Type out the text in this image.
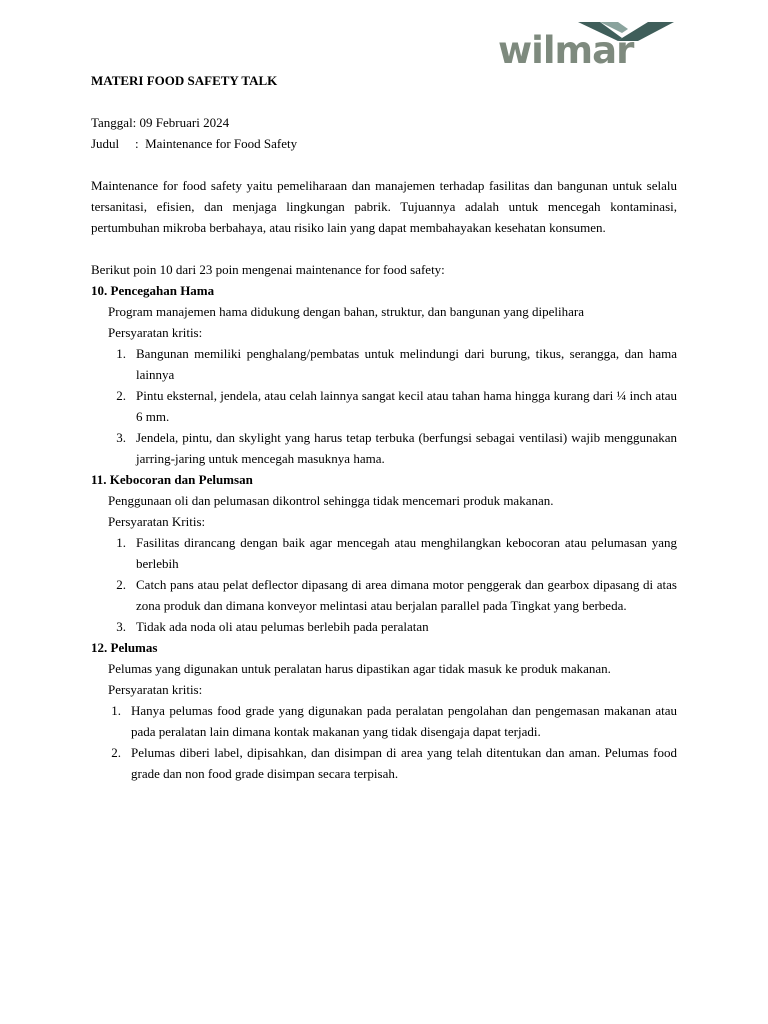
wilmar
MATERI FOOD SAFETY TALK
Tanggal: 09 Februari 2024
Judul	:
Maintenance for Food Safety

Maintenance for food safety yaitu pemeliharaan dan manajemen terhadap fasilitas dan bangunan untuk selalu tersanitasi, efisien, dan menjaga lingkungan pabrik. Tujuannya adalah untuk mencegah kontaminasi, pertumbuhan mikroba berbahaya, atau risiko lain yang dapat membahayakan kesehatan konsumen.

Berikut poin 10 dari 23 poin mengenai maintenance for food safety:
10. Pencegahan Hama
Program manajemen hama didukung dengan bahan, struktur, dan bangunan yang dipelihara
Persyaratan kritis:
1. Bangunan memiliki penghalang/pembatas untuk melindungi dari burung, tikus, serangga, dan hama lainnya
2. Pintu eksternal, jendela, atau celah lainnya sangat kecil atau tahan hama hingga kurang dari ¼ inch atau 6 mm.
3. Jendela, pintu, dan skylight yang harus tetap terbuka (berfungsi sebagai ventilasi) wajib menggunakan jarring-jaring untuk mencegah masuknya hama.
11. Kebocoran dan Pelumsan
Penggunaan oli dan pelumasan dikontrol sehingga tidak mencemari produk makanan.
Persyaratan Kritis:
1. Fasilitas dirancang dengan baik agar mencegah atau menghilangkan kebocoran atau pelumasan yang berlebih
2. Catch pans atau pelat deflector dipasang di area dimana motor penggerak dan gearbox dipasang di atas zona produk dan dimana konveyor melintasi atau berjalan parallel pada Tingkat yang berbeda.
3. Tidak ada noda oli atau pelumas berlebih pada peralatan
12. Pelumas
Pelumas yang digunakan untuk peralatan harus dipastikan agar tidak masuk ke produk makanan.
Persyaratan kritis:
1. Hanya pelumas food grade yang digunakan pada peralatan pengolahan dan pengemasan makanan atau pada peralatan lain dimana kontak makanan yang tidak disengaja dapat terjadi.
2. Pelumas diberi label, dipisahkan, dan disimpan di area yang telah ditentukan dan aman. Pelumas food grade dan non food grade disimpan secara terpisah.
